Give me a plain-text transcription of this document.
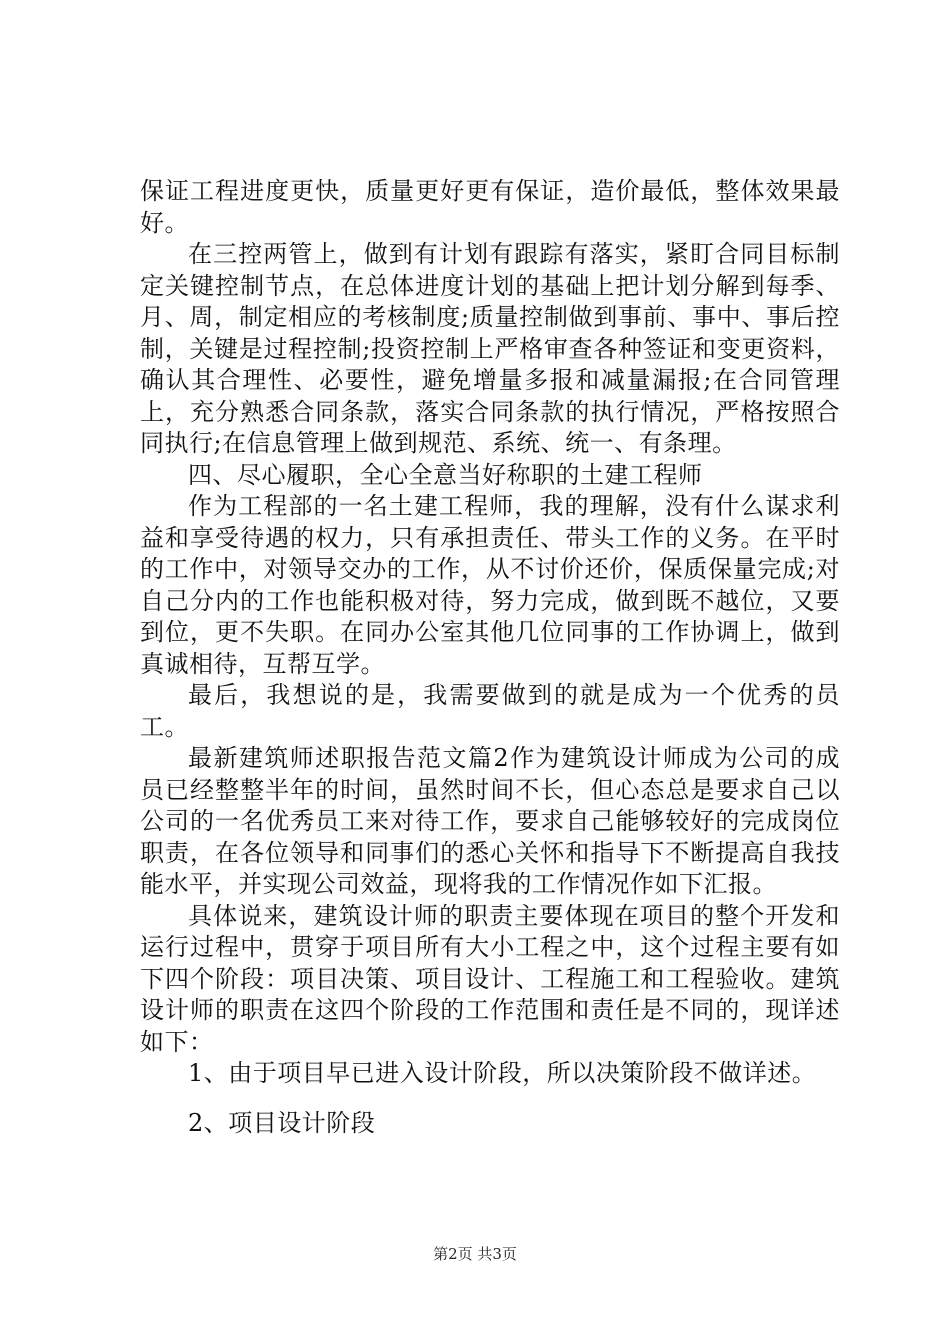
保证工程进度更快，质量更好更有保证，造价最低，整体效果最好。

在三控两管上，做到有计划有跟踪有落实，紧盯合同目标制定关键控制节点，在总体进度计划的基础上把计划分解到每季、月、周，制定相应的考核制度;质量控制做到事前、事中、事后控制，关键是过程控制;投资控制上严格审查各种签证和变更资料，确认其合理性、必要性，避免增量多报和减量漏报;在合同管理上，充分熟悉合同条款，落实合同条款的执行情况，严格按照合同执行;在信息管理上做到规范、系统、统一、有条理。

四、尽心履职，全心全意当好称职的土建工程师

作为工程部的一名土建工程师，我的理解，没有什么谋求利益和享受待遇的权力，只有承担责任、带头工作的义务。在平时的工作中，对领导交办的工作，从不讨价还价，保质保量完成;对自己分内的工作也能积极对待，努力完成，做到既不越位，又要到位，更不失职。在同办公室其他几位同事的工作协调上，做到真诚相待，互帮互学。

最后，我想说的是，我需要做到的就是成为一个优秀的员工。

最新建筑师述职报告范文篇2作为建筑设计师成为公司的成员已经整整半年的时间，虽然时间不长，但心态总是要求自己以公司的一名优秀员工来对待工作，要求自己能够较好的完成岗位职责，在各位领导和同事们的悉心关怀和指导下不断提高自我技能水平，并实现公司效益，现将我的工作情况作如下汇报。

具体说来，建筑设计师的职责主要体现在项目的整个开发和运行过程中，贯穿于项目所有大小工程之中，这个过程主要有如下四个阶段：项目决策、项目设计、工程施工和工程验收。建筑设计师的职责在这四个阶段的工作范围和责任是不同的，现详述如下：

1、由于项目早已进入设计阶段，所以决策阶段不做详述。

2、项目设计阶段

第2页 共3页
